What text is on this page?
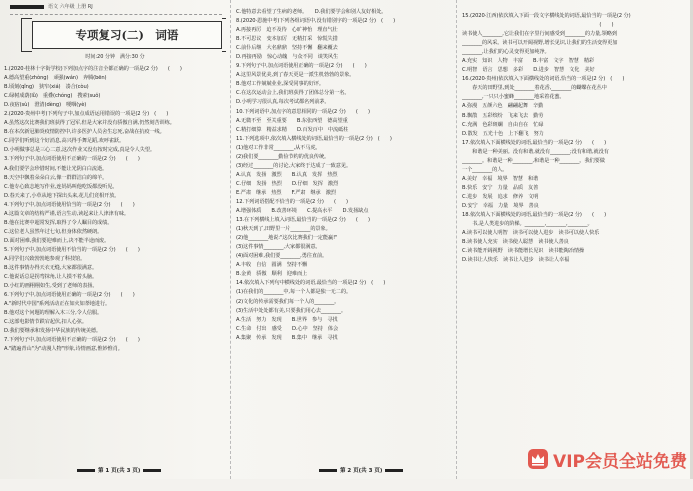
语文 六年级 上册 RJ
专项复习(二)　词语
时间:20 分钟　满分:30 分
1.(2020·桂林十字街学校)下列加点字的注音全都正确的一项是(2 分)　　(　　)
A.德高望重(zhòng)　顽强(wán)　奔腾(bēn)
B.顷刻(qǐng)　狭窄(xiá)　凑合(còu)
C.绿树成荫(lǜ)　重叠(chóng)　搜索(suǒ)
D.夜宿(sù)　澄清(dèng)　哽咽(yè)
2.(2020·贵州中考)下列句子中,加点成语运用错误的一项是(2 分)　(　　)
A.虽然这次比赛我们班获得了冠军,但是大家并没有骄傲自满,仍然刻苦训练。
B.在本次新冠肺炎疫情防控中,许多医护人员舍生忘死,奋战在抗疫一线。
C.同学们听到这个好消息,高兴得手舞足蹈,欢呼雀跃。
D.小明做事总是三心二意,这次作业又没有按时完成,真是令人失望。
3.下列句子中,加点词语使用不正确的一项是(2 分)　　(　　)
A.我们要学会珍惜时间,不能让光阴白白流逝。
B.天空中飘着朵朵白云,像一群群洁白的绵羊。
C.他专心致志地写作业,连妈妈叫他吃饭都没听见。
D.春天来了,小草从地下探出头来,花儿们竞相开放。
4.下列句子中,加点词语使用恰当的一项是(2 分)　　(　　)
A.这篇文章的结构严谨,语言生动,读起来让人津津有味。
B.他在比赛中超常发挥,取得了令人瞩目的成绩。
C.这位老人虽然年过七旬,但身体依然硬朗。
D.面对困难,我们要迎难而上,决不能半途而废。
5.下列句子中,加点词语使用不恰当的一项是(2 分)　　(　　)
A.同学们兴致勃勃地参观了科技馆。
B.这件事情办得天衣无缝,大家都很满意。
C.他说话总是拐弯抹角,让人摸不着头脑。
D.小红的画栩栩如生,受到了老师的表扬。
6.下列句子中,加点词语使用正确的一项是(2 分)　　(　　)
A."新时代中国"系列活动正在如火如荼地进行。
B.他对这个问题的理解入木三分,令人信服。
C.这部电影情节跌宕起伏,扣人心弦。
D.我们要继承和发扬中华民族的传统美德。
7.下列句子中,加点词语使用不正确的一项是(2 分)　　(　　)
A."踏遍青山"为"动漫人物"形象,诗情画意,惟妙惟肖。
C.他特意去看望了生病的老师。　　D.我们要学会和别人友好相处。
8.(2020·恩施中考)下列各组词语中,没有错别字的一项是(2 分)　(　　)
A.再接再厉　迫不及待　心旷神怡　理直气壮
B.不可思议　变本加厉　无精打采　惊慌失措
C.前仆后继　大名鼎鼎　坚持不懈　翻来覆去
D.再接再励　惊心动魄　与众不同　谈笑风生
9.下列句子中,加点词语使用正确的一项是(2 分)　　(　　)
A.这里风景优美,到了春天更是一派生机勃勃的景象。
B.他对工作兢兢业业,深受同事的好评。
C.在这次运动会上,我们班获得了团体总分第一名。
D.小明学习很认真,每次考试都名列前茅。
10.下列词语中,加点字的意思相同的一项是(2 分)　　(　　)
A.无微不至　至关重要　　B.东张西望　德高望重
C.精打细算　精益求精　　D.百发百中　中流砥柱
11.下列选项中,依次填入横线处的词语,最恰当的一项是(2 分)　(　　)
(1)他对工作非常________,从不马虎。
(2)我们要________勤俭节约的优良传统。
(3)经过________的讨论,大家终于达成了一致意见。
A.认真　发扬　激烈　　B.认真　发挥　热烈
C.仔细　发扬　热烈　　D.仔细　发挥　激烈
E.严肃　继承　热烈　　F.严肃　继承　激烈
12.下列词语搭配不恰当的一项是(2 分)　　(　　)
A.增强体质　　B.改善环境　　C.提高水平　　D.发扬缺点
13.在下列横线上填入词语,最恰当的一项是(2 分)　　(　　)
(1)秋天到了,田野里一片________的景象。
(2)他________地说:"这次比赛我们一定能赢!"
(3)这件事情________,大家都很满意。
(4)面对困难,我们要________,勇往直前。
A.丰收　自信　圆满　坚持不懈
B.金黄　骄傲　顺利　迎难而上
14.依次填入下列句中横线处的词语,最恰当的一项是(2 分)　(　　)
(1)在我们的________中,每一个人都是独一无二的。
(2)文化的传承需要我们每一个人的________。
(3)生活中处处都有美,只要我们用心去________。
A.生活　努力　发现　　B.世界　参与　寻找
C.生命　付出　感受　　D.心中　坚持　体会
A.集聚　传承　发现　　B.集中　继承　寻找
15.(2020·江西)依次填入下面一段文字横线处的词语,最恰当的一项是(2 分)
　　　　　　　　　　　　　　　　　　　　　　　　　　　(　　)
读书使人________,它让我们在字里行间感受到________的力量,领略到
________的风采。读书可以开阔视野,增长见识,让我们的生活变得更加
________,让我们的心灵变得更加纯净。
A.充实　知识　人物　丰富　　B.丰富　文字　智慧　精彩
C.明智　语言　思想　多彩　　D.进步　智慧　文化　美好
16.(2020·贵州)依次填入下面横线处的词语,恰当的一项是(2 分)　(　　)
　　春天的田野里,到处________着花香,________的蝴蝶在花丛中
________,一只只小蜜蜂________地采着花蜜。
A.弥漫　五颜六色　翩翩起舞　辛勤
B.飘散　五彩缤纷　飞来飞去　勤劳
C.充满　色彩斑斓　自由自在　忙碌
D.散发　五光十色　上下翻飞　努力
17.依次填入下面横线处的词语,最恰当的一项是(2 分)　　(　　)
　　和谐是一种美丽。没有和谐,就没有________;没有和谐,就没有
________。和谐是一种________,和谐是一种________。我们要做
一个________的人。
A.美好　幸福　境界　智慧　和谐
B.快乐　安宁　力量　品质　友善
C.进步　发展　追求　修养　文明
D.安宁　幸福　力量　境界　善良
18.依次填入下面横线处的词语,最恰当的一项是(2 分)　　(　　)
　　书,是人类进步的阶梯。________,________,________。
A.读书可以使人明智　读书可以使人进步　读书可以使人快乐
B.读书使人充实　读书使人聪慧　读书使人善良
C.读书能开阔视野　读书能增长见识　读书能陶冶情操
D.读书让人快乐　读书让人进步　读书让人幸福
第 1 页(共 3 页)	第 2 页(共 3 页)	VIP会员全站免费
